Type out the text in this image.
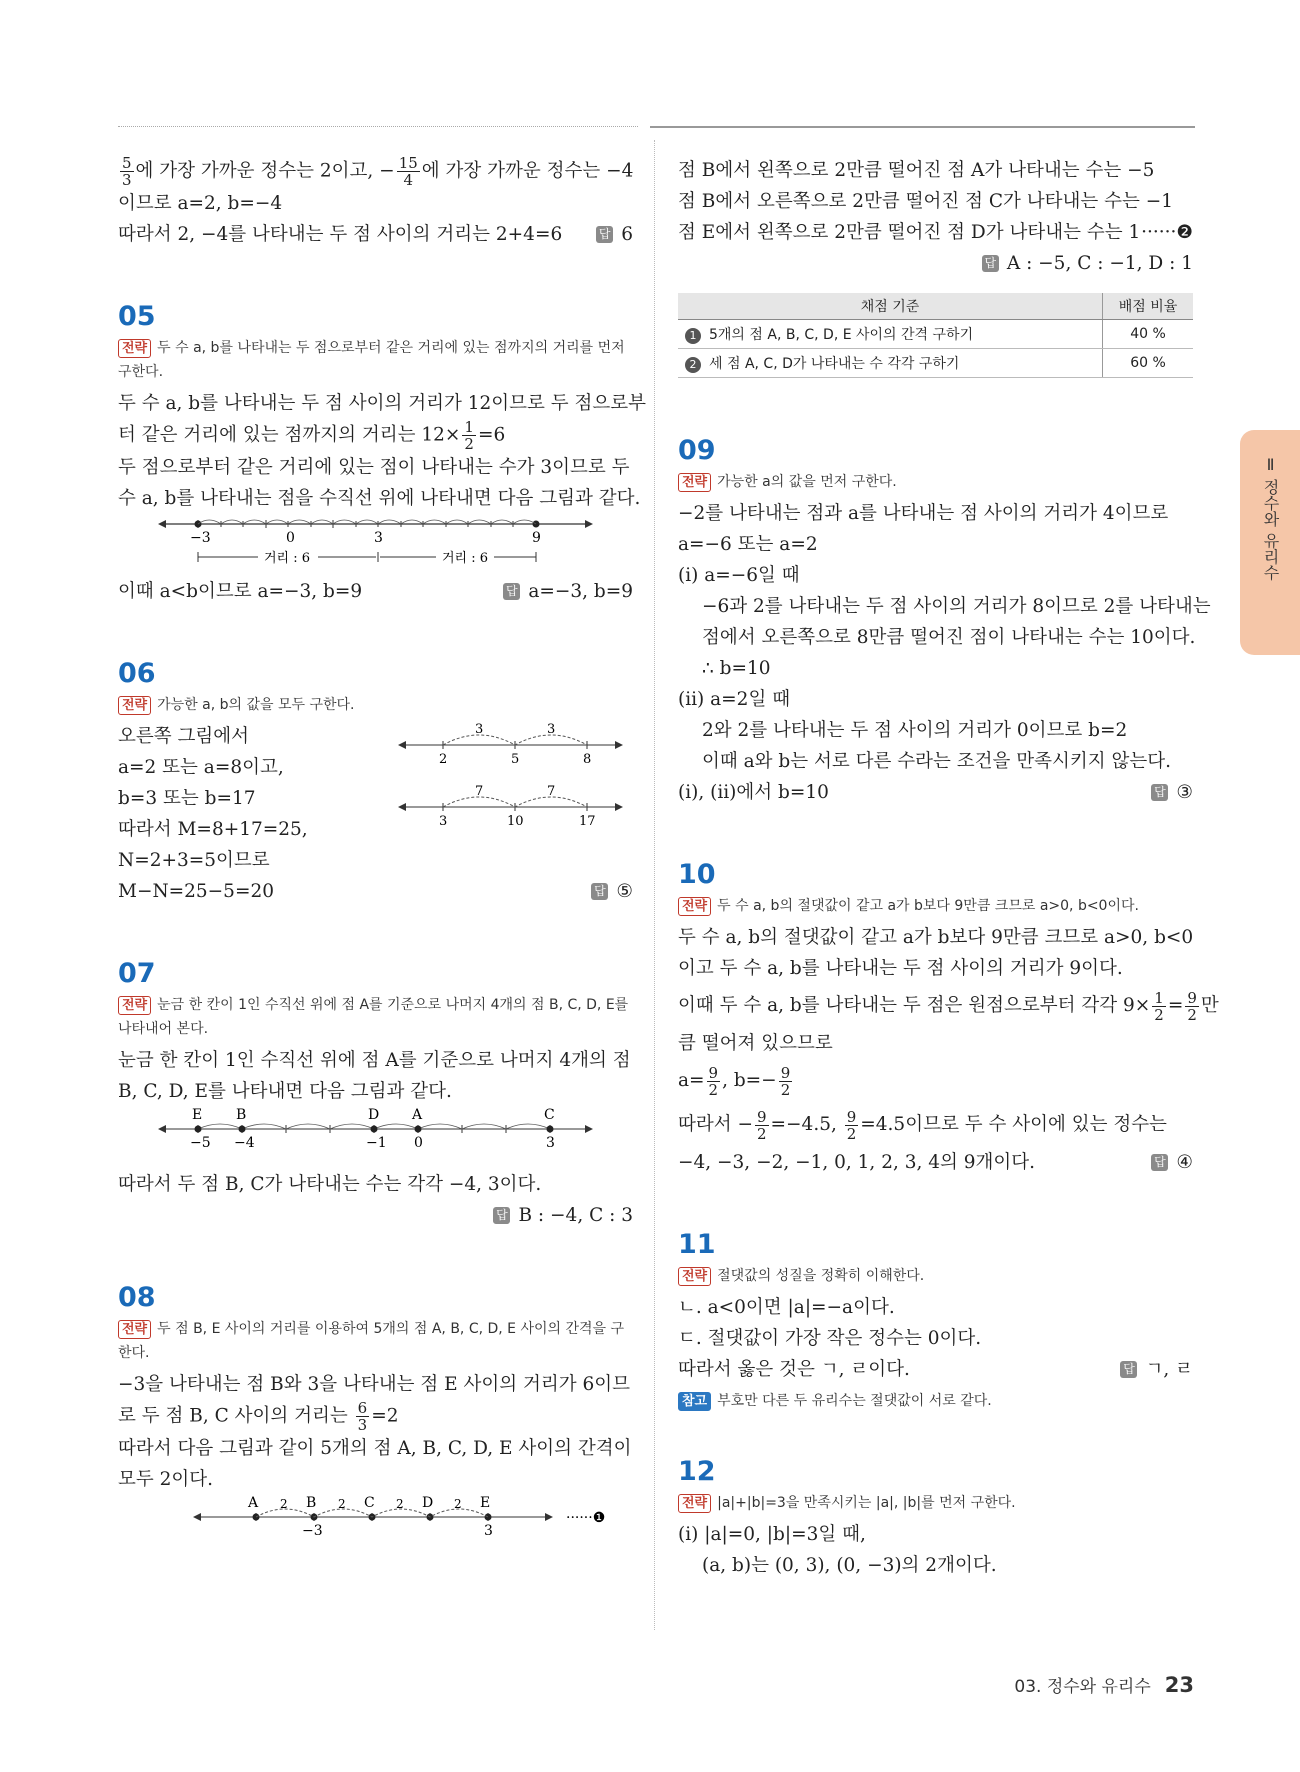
$\frac{5}{3}$ 에 가장 가까운 정수는 2이고, − $\frac{15}{4}$ 에 가장 가까운 정수는 −4

이므로 a=2, b=−4

따라서 2, −4를 나타내는 두 점 사이의 거리는 2+4=6	답 6

05

전략 두 수 a, b를 나타내는 두 점으로부터 같은 거리에 있는 점까지의 거리를 먼저 구한다.

두 수 a, b를 나타내는 두 점 사이의 거리가 12이므로 두 점으로부

터 같은 거리에 있는 점까지의 거리는 $12\times \frac{1}{2} =6$

두 점으로부터 같은 거리에 있는 점이 나타내는 수가 3이므로 두

수 a, b를 나타내는 점을 수직선 위에 나타내면 다음 그림과 같다.

−3	0	3	9
거리 : 6	거리 : 6

이때 a<b이므로 a=−3, b=9	답 a=−3, b=9

06

전략 가능한 a, b의 값을 모두 구한다.

오른쪽 그림에서

a=2 또는 a=8이고,

b=3 또는 b=17

따라서 M=8+17=25,

N=2+3=5이므로

M−N=25−5=20	답 ⑤

3	3
2	5	8
7	7
3	10	17

07

전략 눈금 한 칸이 1인 수직선 위에 점 A를 기준으로 나머지 4개의 점 B, C, D, E를 나타내어 본다.

눈금 한 칸이 1인 수직선 위에 점 A를 기준으로 나머지 4개의 점

B, C, D, E를 나타내면 다음 그림과 같다.

E B	D A	C
−5 −4	−1 0	3

따라서 두 점 B, C가 나타내는 수는 각각 −4, 3이다.

답 B : −4, C : 3

08

전략 두 점 B, E 사이의 거리를 이용하여 5개의 점 A, B, C, D, E 사이의 간격을 구한다.

−3을 나타내는 점 B와 3을 나타내는 점 E 사이의 거리가 6이므

로 두 점 B, C 사이의 거리는 $\frac{6}{3} =2$

따라서 다음 그림과 같이 5개의 점 A, B, C, D, E 사이의 간격이

모두 2이다.

A	B	C	D	E
2	2	2	2
−3	3
······❶

점 B에서 왼쪽으로 2만큼 떨어진 점 A가 나타내는 수는 −5

점 B에서 오른쪽으로 2만큼 떨어진 점 C가 나타내는 수는 −1

점 E에서 왼쪽으로 2만큼 떨어진 점 D가 나타내는 수는 1 ······❷

답 A : −5, C : −1, D : 1

채점 기준	배점 비율
1 5개의 점 A, B, C, D, E 사이의 간격 구하기	40 %
2 세 점 A, C, D가 나타내는 수 각각 구하기	60 %

09

전략 가능한 a의 값을 먼저 구한다.

−2를 나타내는 점과 a를 나타내는 점 사이의 거리가 4이므로

a=−6 또는 a=2

(ⅰ) a=−6일 때

−6과 2를 나타내는 두 점 사이의 거리가 8이므로 2를 나타내는

점에서 오른쪽으로 8만큼 떨어진 점이 나타내는 수는 10이다.

∴ b=10

(ⅱ) a=2일 때

2와 2를 나타내는 두 점 사이의 거리가 0이므로 b=2

이때 a와 b는 서로 다른 수라는 조건을 만족시키지 않는다.

(ⅰ), (ⅱ)에서 b=10	답 ③

10

전략 두 수 a, b의 절댓값이 같고 a가 b보다 9만큼 크므로 a>0, b<0이다.

두 수 a, b의 절댓값이 같고 a가 b보다 9만큼 크므로 a>0, b<0

이고 두 수 a, b를 나타내는 두 점 사이의 거리가 9이다.

이때 두 수 a, b를 나타내는 두 점은 원점으로부터 각각 $9\times \frac{1}{2} = \frac{9}{2}$ 만

큼 떨어져 있으므로

$a= \frac{9}{2}$ , $b=- \frac{9}{2}$

따라서 − $\frac{9}{2} =-4.5$, $\frac{9}{2} =4.5$이므로 두 수 사이에 있는 정수는

−4, −3, −2, −1, 0, 1, 2, 3, 4의 9개이다.	답 ④

11

전략 절댓값의 성질을 정확히 이해한다.

ㄴ. a<0이면 |a|=−a이다.

ㄷ. 절댓값이 가장 작은 정수는 0이다.

따라서 옳은 것은 ㄱ, ㄹ이다.	답 ㄱ, ㄹ

참고 부호만 다른 두 유리수는 절댓값이 서로 같다.

12

전략 |a|+|b|=3을 만족시키는 |a|, |b|를 먼저 구한다.

(ⅰ) |a|=0, |b|=3일 때,

(a, b)는 (0, 3), (0, −3)의 2개이다.

Ⅱ 정수와 유리수
03. 정수와 유리수 23
